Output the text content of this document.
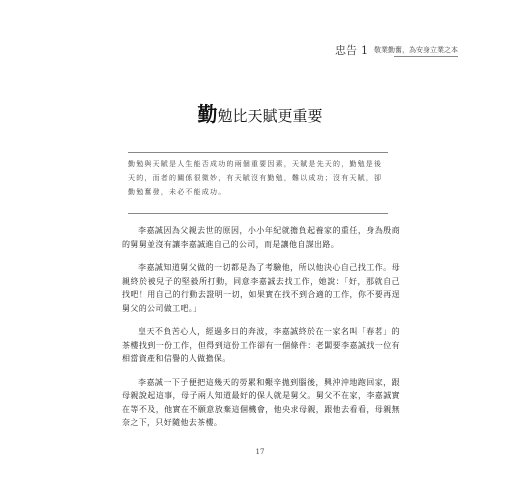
忠告 1 敬業勤奮，為安身立業之本
勤勉比天賦更重要

勤勉與天賦是人生能否成功的兩個重要因素，天賦是先天的，勤勉是後天的，而者的關係很微妙，有天賦沒有勤勉，難以成功；沒有天賦，卻勤勉奮發，未必不能成功。

李嘉誠因為父親去世的原因，小小年紀就擔負起養家的重任，身為殷商的舅舅並沒有讓李嘉誠進自己的公司，而是讓他自謀出路。

李嘉誠知道舅父做的一切都是為了考驗他，所以他決心自己找工作。母親終於被兒子的堅毅所打動，同意李嘉誠去找工作，她說：「好，那就自己找吧！用自己的行動去證明一切，如果實在找不到合適的工作，你不要再逞舅父的公司做工吧。」

皇天不負苦心人，經過多日的奔波，李嘉誠終於在一家名叫「春茗」的茶樓找到一份工作，但得到這份工作卻有一個條件：老闆要李嘉誠找一位有相當資產和信譽的人做擔保。

李嘉誠一下子便把這幾天的勞累和艱辛拋到腦後，興沖沖地跑回家，跟母親說起這事，母子兩人知道最好的保人就是舅父。舅父不在家，李嘉誠實在等不及，他實在不願意放棄這個機會，他央求母親，跟他去看看，母親無奈之下，只好隨他去茶樓。

17
